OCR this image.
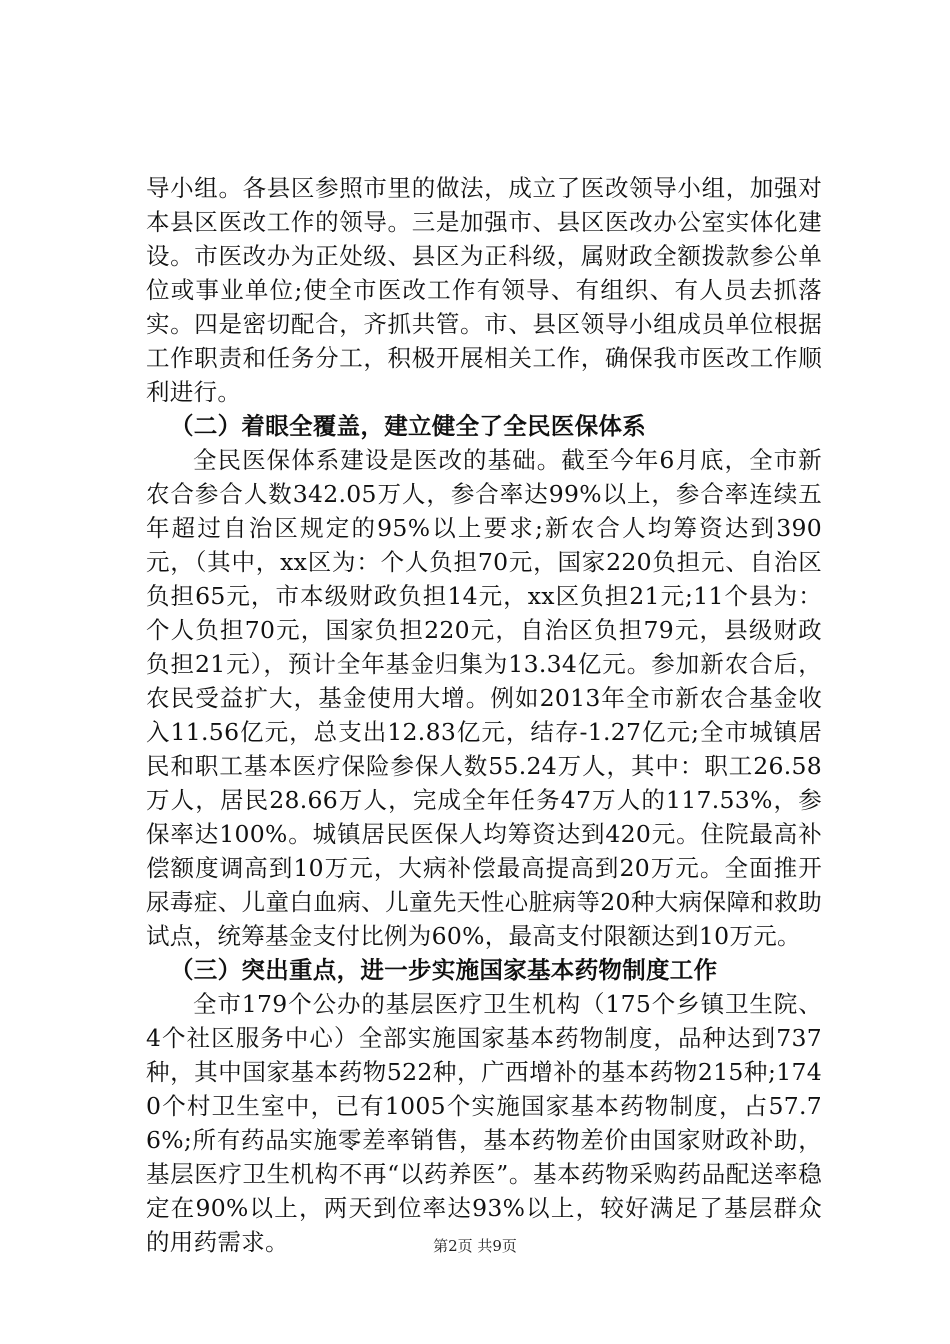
导小组。各县区参照市里的做法，成立了医改领导小组，加强对本县区医改工作的领导。三是加强市、县区医改办公室实体化建设。市医改办为正处级、县区为正科级，属财政全额拨款参公单位或事业单位;使全市医改工作有领导、有组织、有人员去抓落实。四是密切配合，齐抓共管。市、县区领导小组成员单位根据工作职责和任务分工，积极开展相关工作，确保我市医改工作顺利进行。

（二）着眼全覆盖，建立健全了全民医保体系

全民医保体系建设是医改的基础。截至今年6月底，全市新农合参合人数342.05万人，参合率达99%以上，参合率连续五年超过自治区规定的95%以上要求;新农合人均筹资达到390元，（其中，xx区为：个人负担70元，国家220负担元、自治区负担65元，市本级财政负担14元，xx区负担21元;11个县为：个人负担70元，国家负担220元，自治区负担79元，县级财政负担21元），预计全年基金归集为13.34亿元。参加新农合后，农民受益扩大，基金使用大增。例如2013年全市新农合基金收入11.56亿元，总支出12.83亿元，结存-1.27亿元;全市城镇居民和职工基本医疗保险参保人数55.24万人，其中：职工26.58万人，居民28.66万人，完成全年任务47万人的117.53%，参保率达100%。城镇居民医保人均筹资达到420元。住院最高补偿额度调高到10万元，大病补偿最高提高到20万元。全面推开尿毒症、儿童白血病、儿童先天性心脏病等20种大病保障和救助试点，统筹基金支付比例为60%，最高支付限额达到10万元。

（三）突出重点，进一步实施国家基本药物制度工作

全市179个公办的基层医疗卫生机构（175个乡镇卫生院、4个社区服务中心）全部实施国家基本药物制度，品种达到737种，其中国家基本药物522种，广西增补的基本药物215种;1740个村卫生室中，已有1005个实施国家基本药物制度，占57.76%;所有药品实施零差率销售，基本药物差价由国家财政补助，基层医疗卫生机构不再“以药养医”。基本药物采购药品配送率稳定在90%以上，两天到位率达93%以上，较好满足了基层群众的用药需求。	第2页 共9页
